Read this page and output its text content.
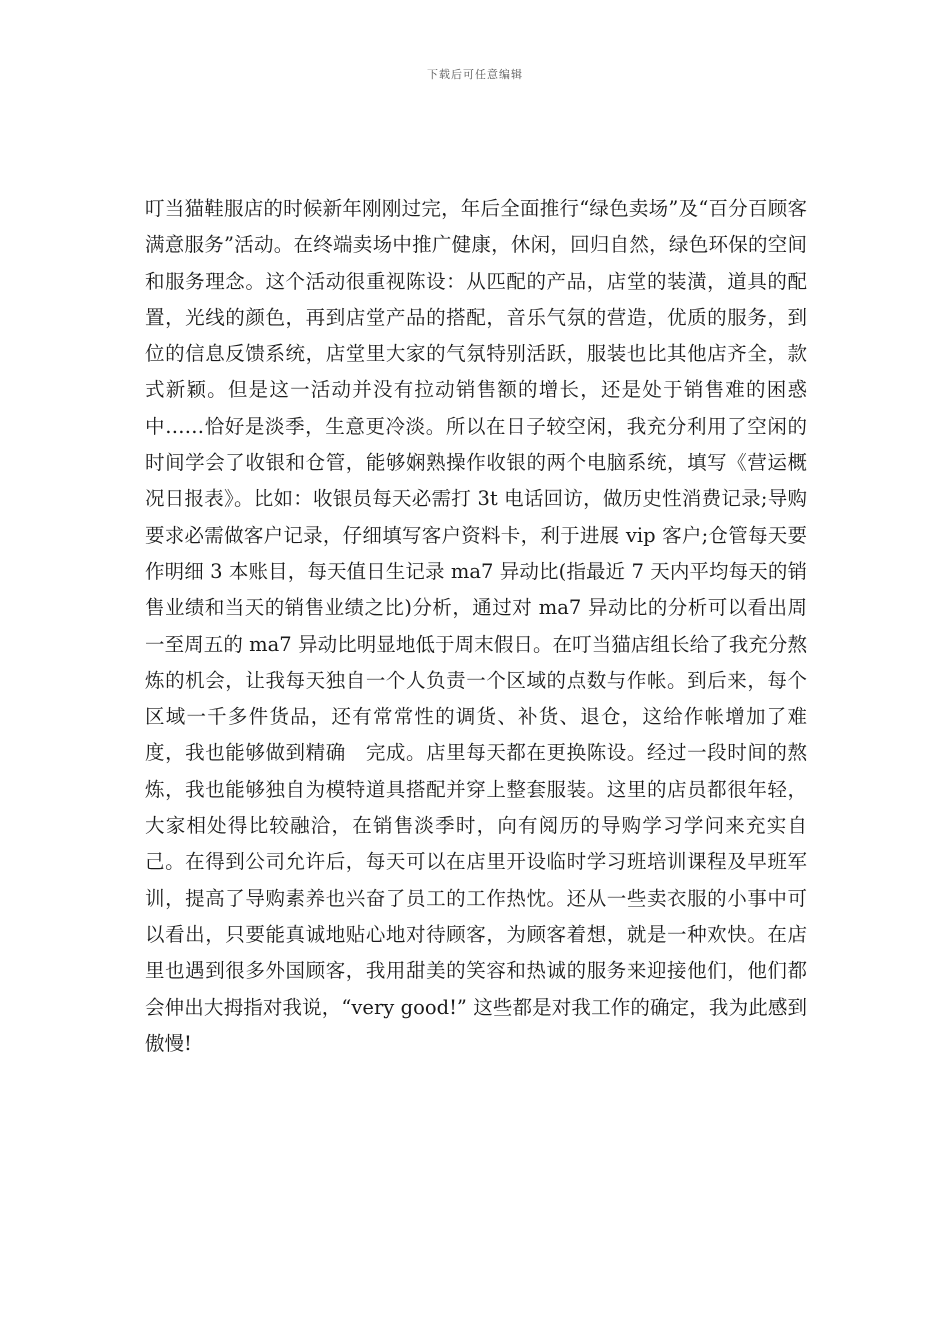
下载后可任意编辑

叮当猫鞋服店的时候新年刚刚过完，年后全面推行“绿色卖场”及“百分百顾客满意服务”活动。在终端卖场中推广健康，休闲，回归自然，绿色环保的空间和服务理念。这个活动很重视陈设：从匹配的产品，店堂的装潢，道具的配置，光线的颜色，再到店堂产品的搭配，音乐气氛的营造，优质的服务，到位的信息反馈系统，店堂里大家的气氛特别活跃，服装也比其他店齐全，款式新颖。但是这一活动并没有拉动销售额的增长，还是处于销售难的困惑中……恰好是淡季，生意更冷淡。所以在日子较空闲，我充分利用了空闲的时间学会了收银和仓管，能够娴熟操作收银的两个电脑系统，填写《营运概况日报表》。比如：收银员每天必需打 3t 电话回访，做历史性消费记录;导购要求必需做客户记录，仔细填写客户资料卡，利于进展 vip 客户;仓管每天要作明细 3 本账目，每天值日生记录 ma7 异动比(指最近 7 天内平均每天的销售业绩和当天的销售业绩之比)分析，通过对 ma7 异动比的分析可以看出周一至周五的 ma7 异动比明显地低于周末假日。在叮当猫店组长给了我充分熬炼的机会，让我每天独自一个人负责一个区域的点数与作帐。到后来，每个区域一千多件货品，还有常常性的调货、补货、退仓，这给作帐增加了难度，我也能够做到精确　完成。店里每天都在更换陈设。经过一段时间的熬炼，我也能够独自为模特道具搭配并穿上整套服装。这里的店员都很年轻，大家相处得比较融洽，在销售淡季时，向有阅历的导购学习学问来充实自己。在得到公司允许后，每天可以在店里开设临时学习班培训课程及早班军训，提高了导购素养也兴奋了员工的工作热忱。还从一些卖衣服的小事中可以看出，只要能真诚地贴心地对待顾客，为顾客着想，就是一种欢快。在店里也遇到很多外国顾客，我用甜美的笑容和热诚的服务来迎接他们，他们都会伸出大拇指对我说，“very good!” 这些都是对我工作的确定，我为此感到傲慢!
